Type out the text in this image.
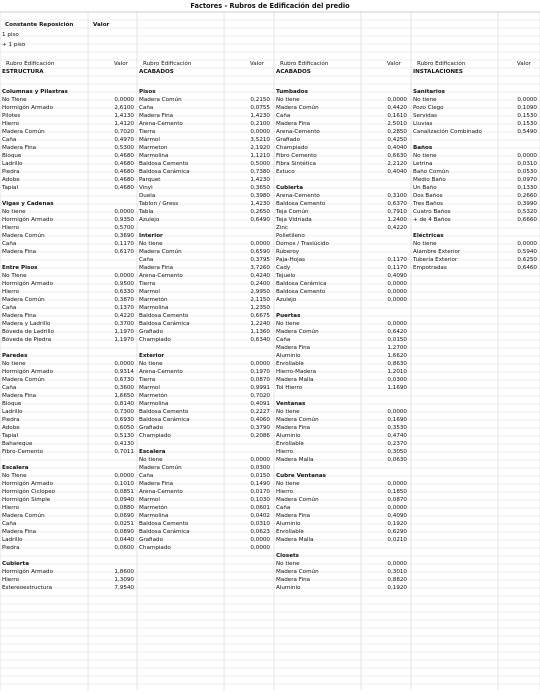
Factores - Rubros de Edificación del predio
Constante Reposición	Valor
1 piso
+ 1 piso
Rubro Edificación	Valor
ESTRUCTURA
Columnas y Pilastras
No Tiene	0,0000
Hormigón Armado	2,6100
Pilotes	1,4130
Hierro	1,4120
Madera Común	0,7020
Caña	0,4970
Madera Fina	0,5300
Bloque	0,4680
Ladrillo	0,4680
Piedra	0,4680
Adobe	0,4680
Tapial	0,4680
Vigas y Cadenas
No tiene	0,0000
Hormigón Armado	0,9350
Hierro	0,5700
Madera Común	0,3690
Caña	0,1170
Madera Fina	0,6170
Entre Pisos
No Tiene	0,0000
Hormigón Armado	0,9500
Hierro	0,6330
Madera Común	0,3870
Caña	0,1370
Madera Fina	0,4220
Madera y Ladrillo	0,3700
Bóveda de Ladrillo	1,1970
Bóveda de Piedra	1,1970
Paredes
No tiene	0,0000
Hormigón Armado	0,9314
Madera Común	0,6730
Caña	0,3600
Madera Fina	1,6650
Bloque	0,8140
Ladrillo	0,7300
Piedra	0,6930
Adobe	0,6050
Tapial	0,5130
Bahareque	0,4130
Fibro-Cemento	0,7011
Escalera
No Tiene	0,0000
Hormigón Armado	0,1010
Hormigón Ciclopeo	0,0851
Hormigón Simple	0,0940
Hierro	0,0880
Madera Común	0,0690
Caña	0,0251
Madera Fina	0,0890
Ladrillo	0,0440
Piedra	0,0600
Cubierta
Hormigón Armado	1,8600
Hierro	1,3090
Estereoestructura	7,9540
Rubro Edificación	Valor
ACABADOS
Pisos
Madera Común	0,2150
Caña	0,0755
Madera Fina	1,4230
Arena-Cemento	0,2100
Tierra	0,0000
Mármol	3,5210
Marmeton	2,1920
Marmolina	1,1210
Baldosa Cemento	0,5000
Baldosa Cerámica	0,7380
Parquet	1,4230
Vinyl	0,3650
Duela	0,3980
Tablon / Gress	1,4230
Tabla	0,2650
Azulejo	0,6490
Interior
No tiene	0,0000
Madera Común	0,6590
Caña	0,3795
Madera Fina	3,7260
Arena-Cemento	0,4240
Tierra	0,2400
Marmol	2,9950
Marmetón	2,1150
Marmolina	1,2350
Baldosa Cemento	0,6675
Baldosa Cerámica	1,2240
Grafiado	1,1360
Champiado	0,6340
Exterior
No tiene	0,0000
Arena-Cemento	0,1970
Tierra	0,0870
Marmol	0,9991
Marmetón	0,7020
Marmolina	0,4091
Baldosa Cemento	0,2227
Baldosa Cerámica	0,4060
Grafiado	0,3790
Champiado	0,2086
Escalera
No tiene	0,0000
Madera Común	0,0300
Caña	0,0150
Madera Fina	0,1490
Arena-Cemento	0,0170
Marmol	0,1030
Marmetón	0,0601
Marmolina	0,0402
Baldosa Cemento	0,0310
Baldosa Cerámica	0,0623
Grafiado	0,0000
Champiado	0,0000
Rubro Edificación	Valor
ACABADOS
Tumbados
No tiene	0,0000
Madera Común	0,4420
Caña	0,1610
Madera Fina	2,5010
Arena-Cemento	0,2850
Grafiado	0,4250
Champiado	0,4040
Fibro Cemento	0,6630
Fibra Sintética	2,2120
Estuco	0,4040
Cubierta
Arena-Cemento	0,3100
Baldosa Cemento	0,6370
Teja Común	0,7910
Teja Vidriada	1,2400
Zinc	0,4220
Polietileno
Domos / Traslúcido
Ruberoy
Paja-Hojas	0,1170
Cady	0,1170
Tejuelo	0,4090
Baldosa Cerámica	0,0000
Baldosa Cemento	0,0000
Azulejo	0,0000
Puertas
No tiene	0,0000
Madera Común	0,6420
Caña	0,0150
Madera Fina	1,2700
Aluminio	1,6620
Enrollable	0,8630
Hierro-Madera	1,2010
Madera Malla	0,0300
Tol Hierro	1,1690
Ventanas
No tiene	0,0000
Madera Común	0,1690
Madera Fina	0,3530
Aluminio	0,4740
Enrollable	0,2370
Hierro	0,3050
Madera Malla	0,0630
Cubre Ventanas
No tiene	0,0000
Hierro	0,1850
Madera Común	0,0870
Caña	0,0000
Madera Fina	0,4090
Aluminio	0,1920
Enrollable	0,6290
Madera Malla	0,0210
Closets
No tiene	0,0000
Madera Común	0,3010
Madera Fina	0,8820
Aluminio	0,1920
Rubro Edificación	Valor
INSTALACIONES
Sanitarios
No tiene	0,0000
Pozo Ciego	0,1090
Servidas	0,1530
Lluvias	0,1530
Canalización Combinado	0,5490
Baños
No tiene	0,0000
Letrina	0,0310
Baño Común	0,0530
Medio Baño	0,0970
Un Baño	0,1330
Dos Baños	0,2660
Tres Baños	0,3990
Cuatro Baños	0,5320
+ de 4 Baños	0,6660
Eléctricas
No tiene	0,0000
Alambre Exterior	0,5940
Tubería Exterior	0,6250
Empotradas	0,6460
